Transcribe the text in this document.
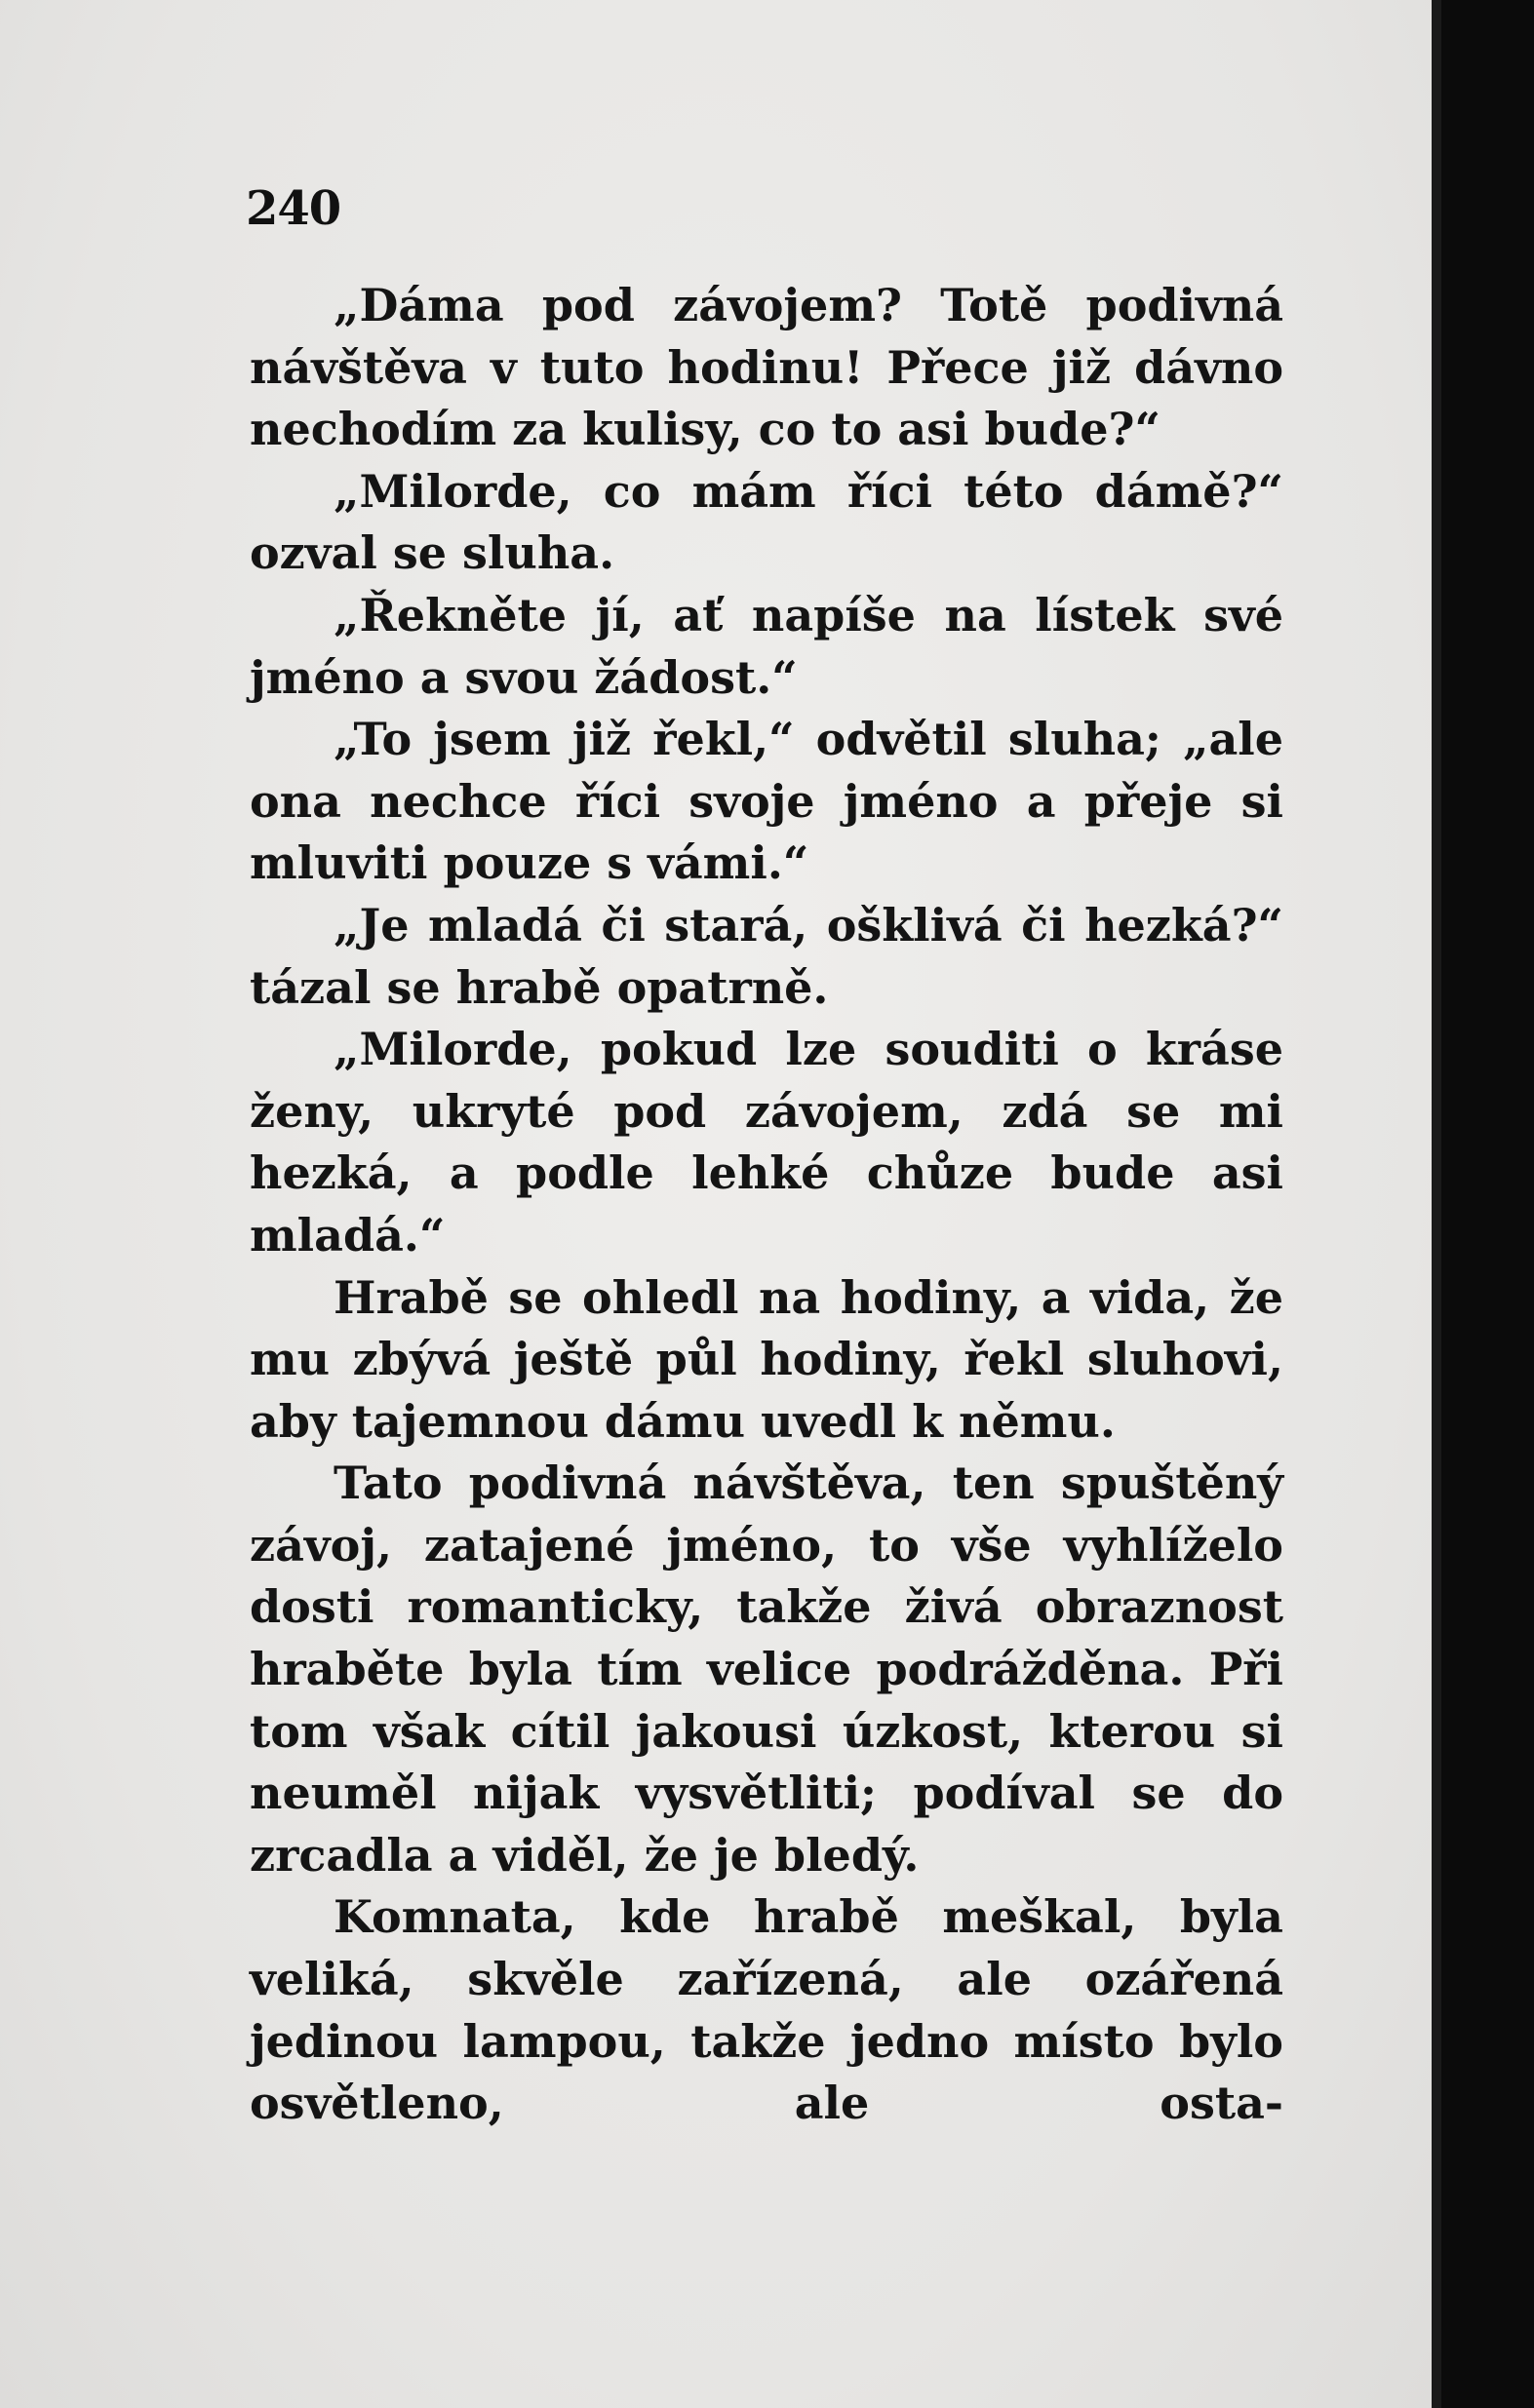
240

„Dáma pod závojem? Totě podivná návštěva v tuto hodinu! Přece již dávno nechodím za kulisy, co to asi bude?“

„Milorde, co mám říci této dámě?“ ozval se sluha.

„Řekněte jí, ať napíše na lístek své jméno a svou žádost.“

„To jsem již řekl,“ odvětil sluha; „ale ona nechce říci svoje jméno a přeje si mluviti pouze s vámi.“

„Je mladá či stará, ošklivá či hezká?“ tázal se hrabě opatrně.

„Milorde, pokud lze souditi o kráse ženy, ukryté pod závojem, zdá se mi hezká, a podle lehké chůze bude asi mladá.“

Hrabě se ohledl na hodiny, a vida, že mu zbývá ještě půl hodiny, řekl sluhovi, aby tajemnou dámu uvedl k němu.

Tato podivná návštěva, ten spuštěný závoj, zatajené jméno, to vše vyhlíželo dosti romanticky, takže živá obraznost hraběte byla tím velice podrážděna. Při tom však cítil jakousi úzkost, kterou si neuměl nijak vysvětliti; podíval se do zrcadla a viděl, že je bledý.

Komnata, kde hrabě meškal, byla veliká, skvěle zařízená, ale ozářená jedinou lampou, takže jedno místo bylo osvětleno, ale osta-
